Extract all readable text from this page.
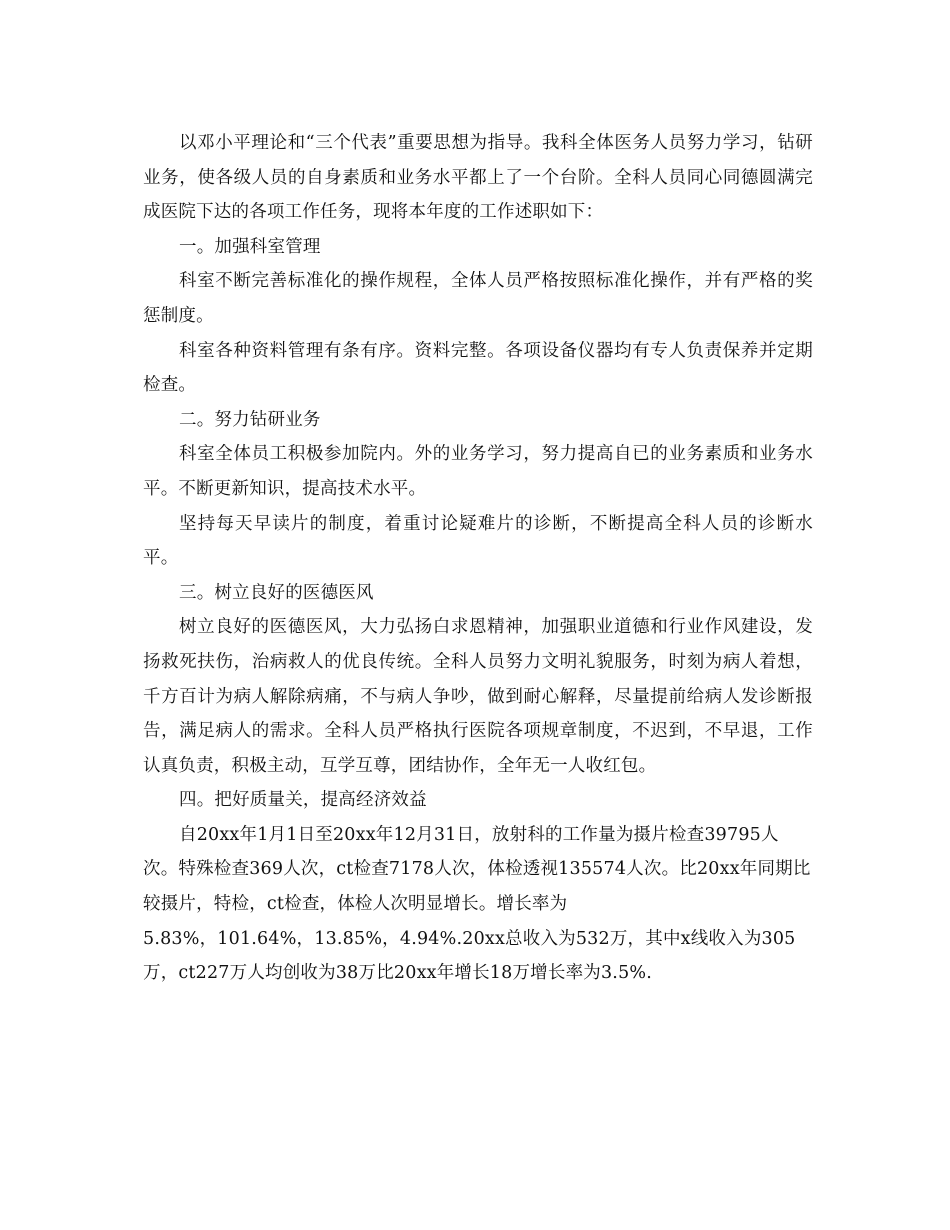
以邓小平理论和“三个代表”重要思想为指导。我科全体医务人员努力学习，钻研业务，使各级人员的自身素质和业务水平都上了一个台阶。全科人员同心同德圆满完成医院下达的各项工作任务，现将本年度的工作述职如下：

一。加强科室管理

科室不断完善标准化的操作规程，全体人员严格按照标准化操作，并有严格的奖惩制度。

科室各种资料管理有条有序。资料完整。各项设备仪器均有专人负责保养并定期检查。

二。努力钻研业务

科室全体员工积极参加院内。外的业务学习，努力提高自已的业务素质和业务水平。不断更新知识，提高技术水平。

坚持每天早读片的制度，着重讨论疑难片的诊断，不断提高全科人员的诊断水平。

三。树立良好的医德医风

树立良好的医德医风，大力弘扬白求恩精神，加强职业道德和行业作风建设，发扬救死扶伤，治病救人的优良传统。全科人员努力文明礼貌服务，时刻为病人着想，千方百计为病人解除病痛，不与病人争吵，做到耐心解释，尽量提前给病人发诊断报告，满足病人的需求。全科人员严格执行医院各项规章制度，不迟到，不早退，工作认真负责，积极主动，互学互尊，团结协作，全年无一人收红包。

四。把好质量关，提高经济效益

自20xx年1月1日至20xx年12月31日，放射科的工作量为摄片检查39795人次。特殊检查369人次，ct检查7178人次，体检透视135574人次。比20xx年同期比较摄片，特检，ct检查，体检人次明显增长。增长率为

5.83%，101.64%，13.85%，4.94%.20xx总收入为532万，其中x线收入为305万，ct227万人均创收为38万比20xx年增长18万增长率为3.5%.
